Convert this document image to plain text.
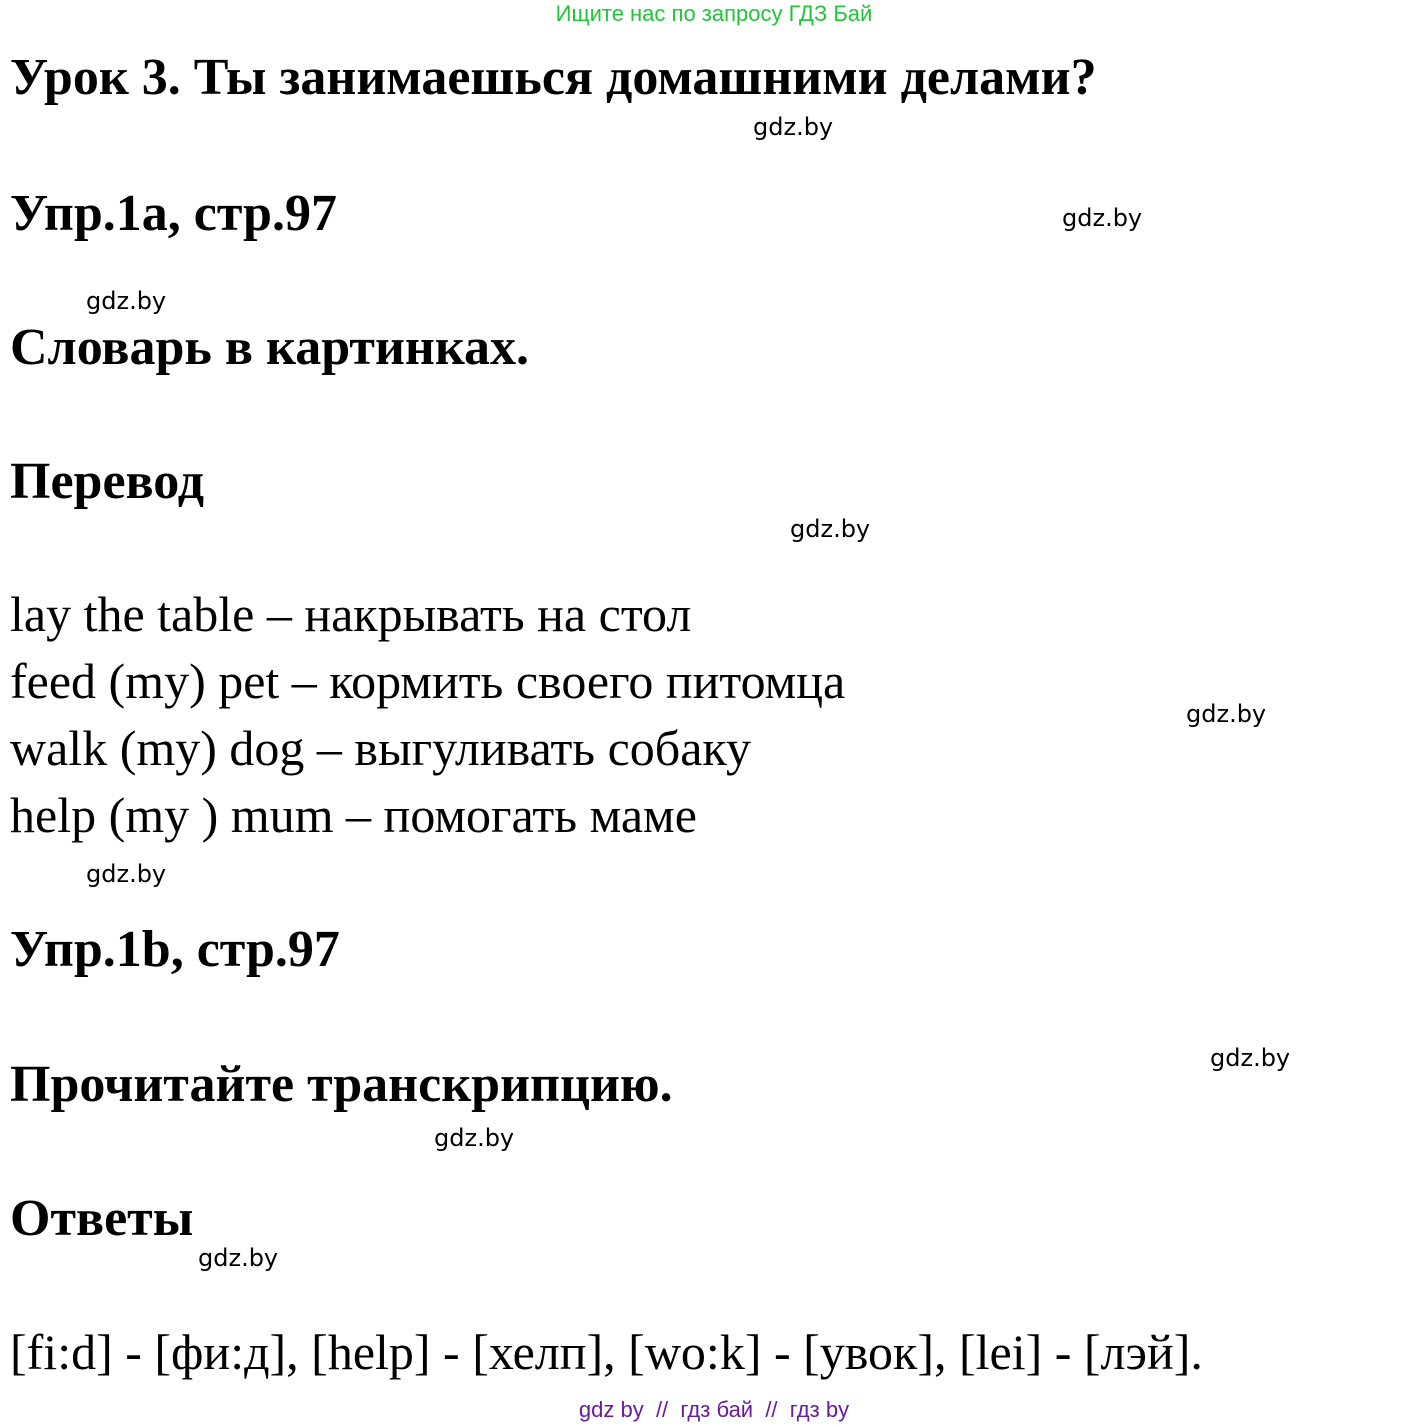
Ищите нас по запросу ГДЗ Бай
Урок 3. Ты занимаешься домашними делами?
gdz.by
Упр.1a, стр.97	gdz.by
gdz.by
Словарь в картинках.
Перевод
gdz.by
lay the table – накрывать на стол
feed (my) pet – кормить своего питомца
gdz.by
walk (my) dog – выгуливать собаку
help (my ) mum – помогать маме
gdz.by
Упр.1b, стр.97
gdz.by
Прочитайте транскрипцию.
gdz.by
Ответы
gdz.by
[fi:d] - [фи:д], [help] - [хелп], [wo:k] - [увок], [lei] - [лэй].
gdz by  //  гдз бай  //  гдз by
